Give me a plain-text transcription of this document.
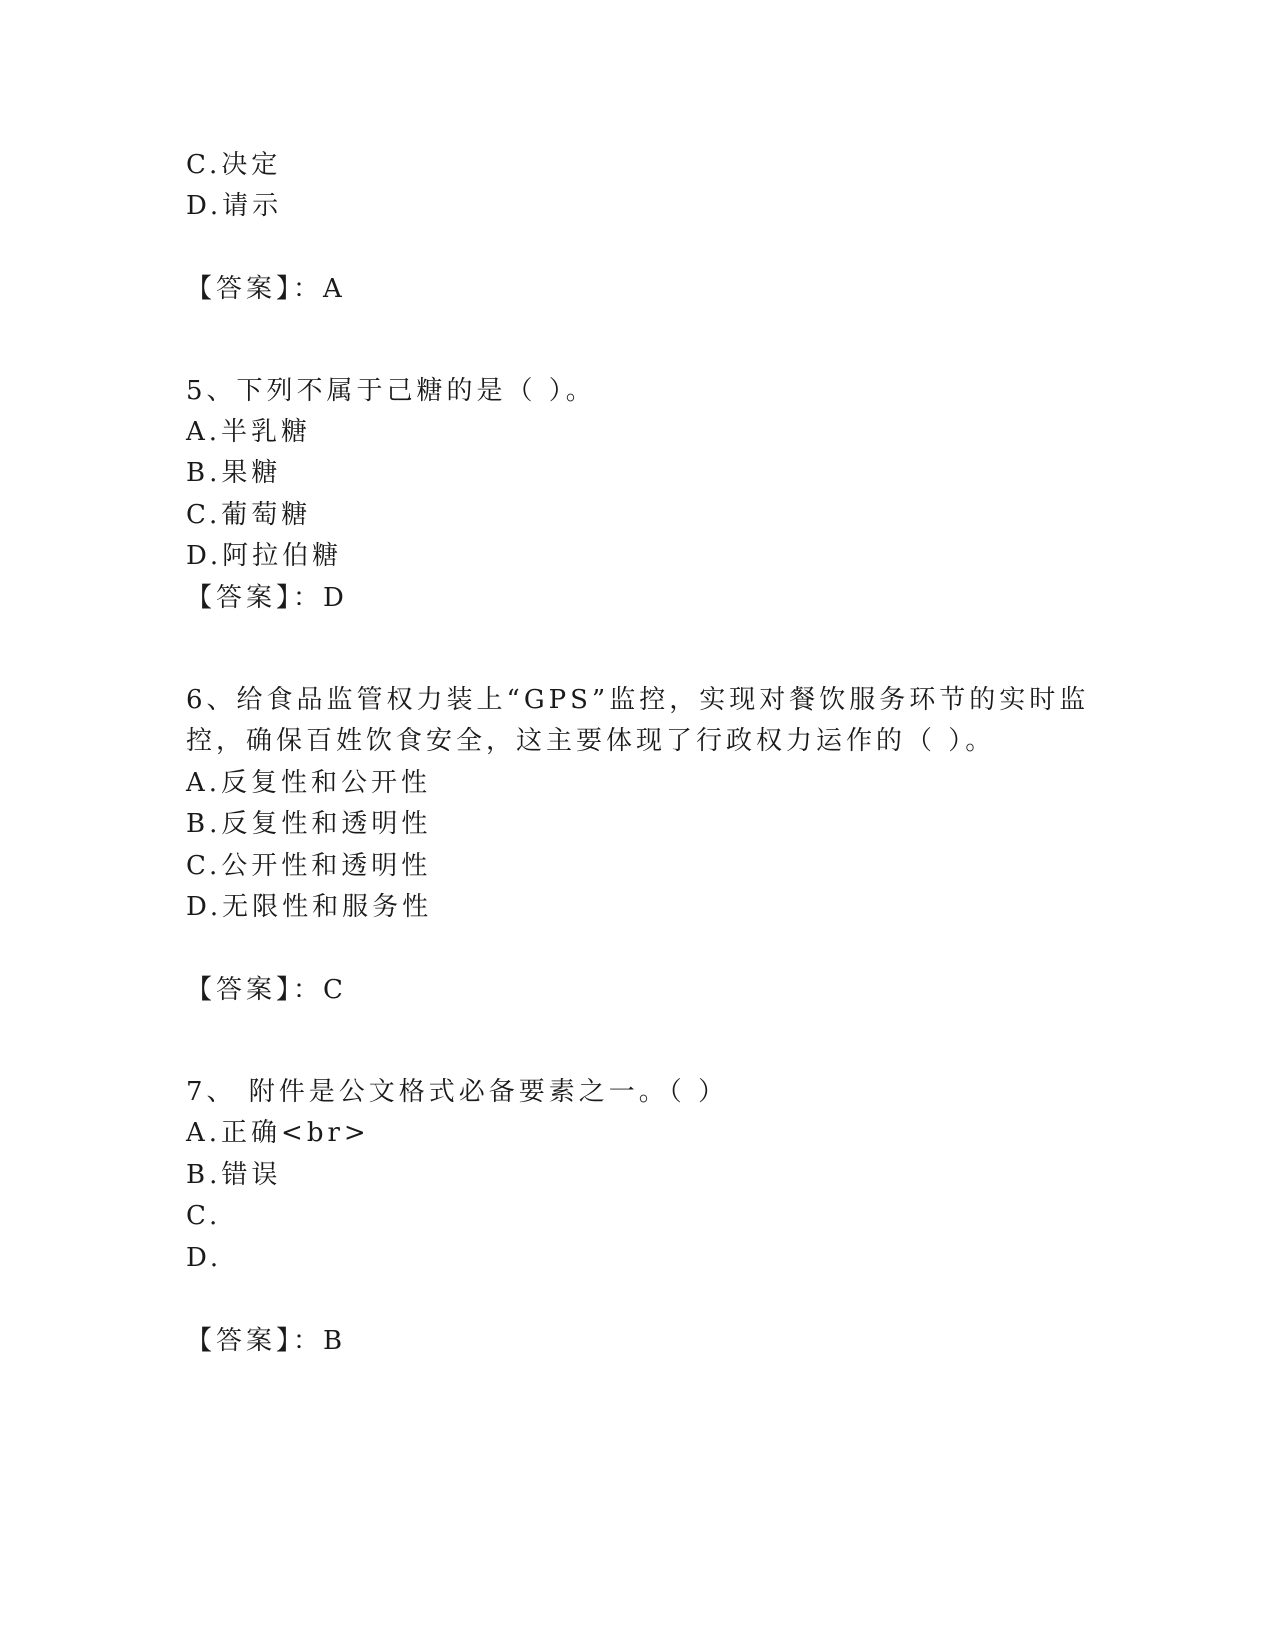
C.决定
D.请示
【答案】：A
5、下列不属于己糖的是（ ）。
A.半乳糖
B.果糖
C.葡萄糖
D.阿拉伯糖
【答案】：D
6、给食品监管权力装上“GPS”监控，实现对餐饮服务环节的实时监
控，确保百姓饮食安全，这主要体现了行政权力运作的（ ）。
A.反复性和公开性
B.反复性和透明性
C.公开性和透明性
D.无限性和服务性
【答案】：C
7、 附件是公文格式必备要素之一。（ ）
A.正确<br>
B.错误
C.
D.
【答案】：B
